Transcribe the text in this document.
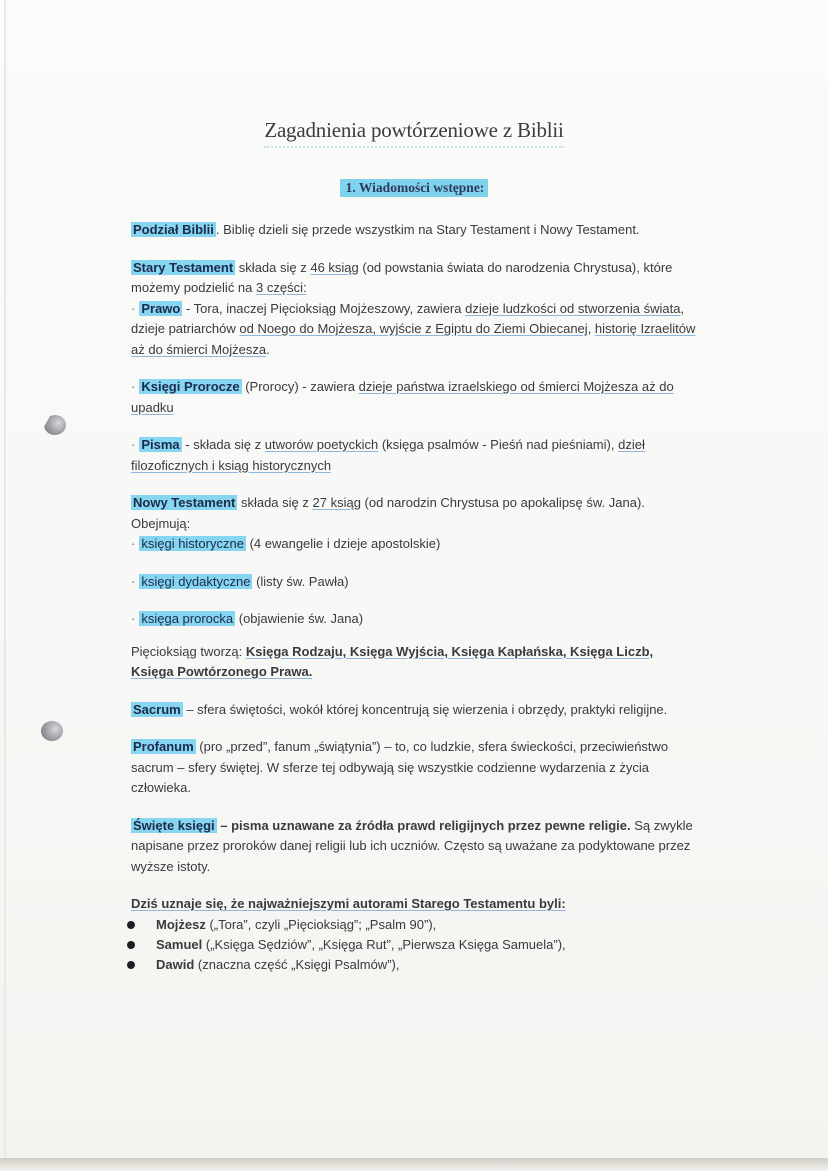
Zagadnienia powtórzeniowe z Biblii
1. Wiadomości wstępne:

Podział Biblii . Biblię dzieli się przede wszystkim na Stary Testament i Nowy Testament.

Stary Testament składa się z 46 ksiąg (od powstania świata do narodzenia Chrystusa), które możemy podzielić na 3 części:

· Prawo - Tora, inaczej Pięcioksiąg Mojżeszowy, zawiera dzieje ludzkości od stworzenia świata, dzieje patriarchów od Noego do Mojżesza, wyjście z Egiptu do Ziemi Obiecanej, historię Izraelitów aż do śmierci Mojżesza.

· Księgi Prorocze (Prorocy) - zawiera dzieje państwa izraelskiego od śmierci Mojżesza aż do upadku

· Pisma - składa się z utworów poetyckich (księga psalmów - Pieśń nad pieśniami), dzieł filozoficznych i ksiąg historycznych

Nowy Testament składa się z 27 ksiąg (od narodzin Chrystusa po apokalipsę św. Jana). Obejmują:

· księgi historyczne (4 ewangelie i dzieje apostolskie)

· księgi dydaktyczne (listy św. Pawła)

· księga prorocka (objawienie św. Jana)

Pięcioksiąg tworzą: Księga Rodzaju, Księga Wyjścia, Księga Kapłańska, Księga Liczb, Księga Powtórzonego Prawa.

Sacrum – sfera świętości, wokół której koncentrują się wierzenia i obrzędy, praktyki religijne.

Profanum (pro „przed”, fanum „świątynia”) – to, co ludzkie, sfera świeckości, przeciwieństwo sacrum – sfery świętej. W sferze tej odbywają się wszystkie codzienne wydarzenia z życia człowieka.

Święte księgi – pisma uznawane za źródła prawd religijnych przez pewne religie. Są zwykle napisane przez proroków danej religii lub ich uczniów. Często są uważane za podyktowane przez wyższe istoty.

Dziś uznaje się, że najważniejszymi autorami Starego Testamentu byli:

Mojżesz („Tora”, czyli „Pięcioksiąg”; „Psalm 90”),
Samuel („Księga Sędziów”, „Księga Rut”, „Pierwsza Księga Samuela”),
Dawid (znaczna część „Księgi Psalmów”),
